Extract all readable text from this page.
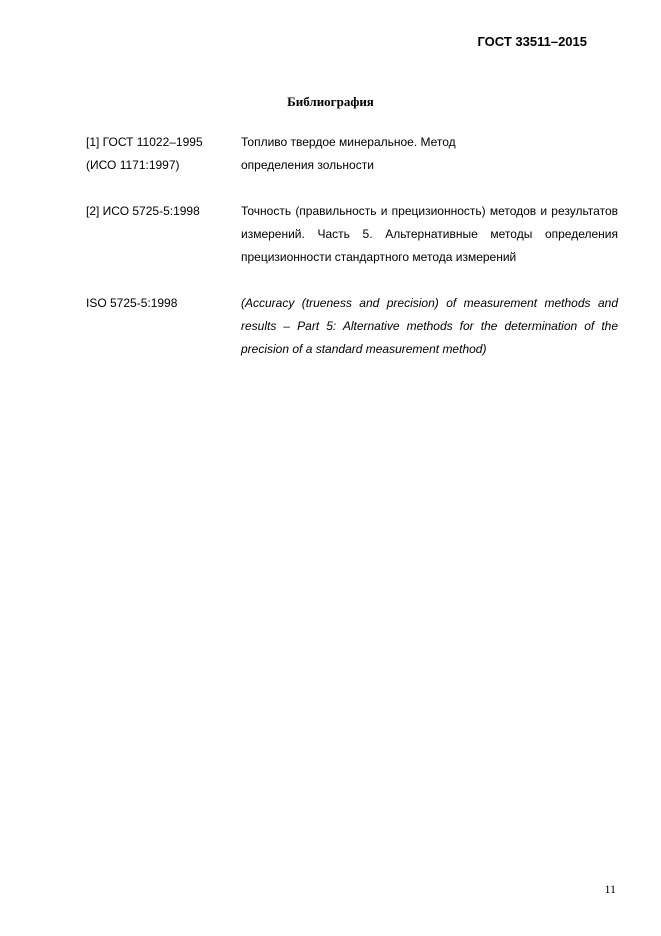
ГОСТ 33511–2015
Библиография
[1] ГОСТ 11022–1995
(ИСО 1171:1997)
Топливо твердое минеральное. Метод определения зольности
[2] ИСО 5725-5:1998	Точность (правильность и прецизионность) методов и результатов измерений. Часть 5. Альтернативные методы определения прецизионности стандартного метода измерений
ISO 5725-5:1998	(Accuracy (trueness and precision) of measurement methods and results – Part 5: Alternative methods for the determination of the precision of a standard measurement method)
11
